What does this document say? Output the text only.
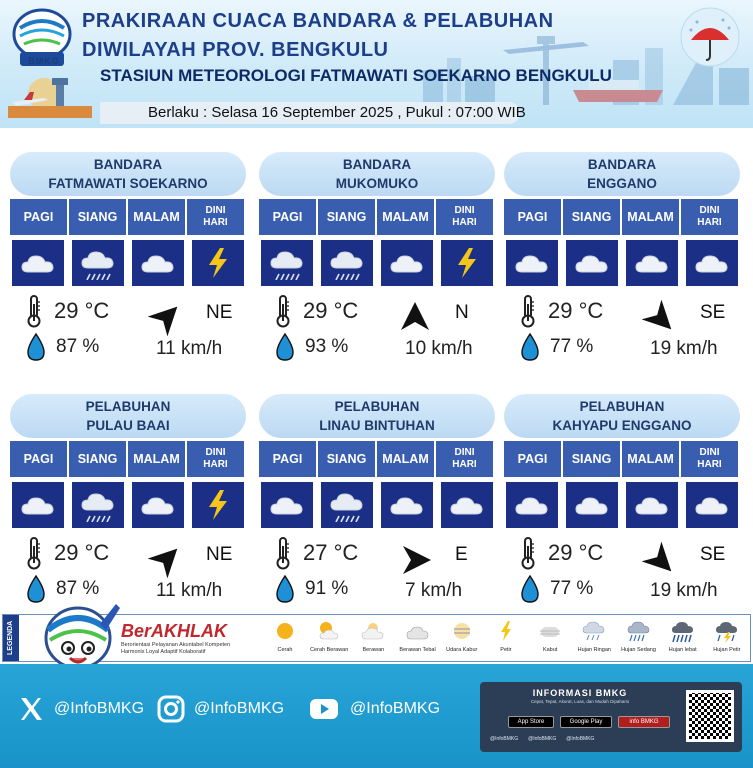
BMKG
PRAKIRAAN CUACA BANDARA & PELABUHAN
DIWILAYAH PROV. BENGKULU
STASIUN METEOROLOGI FATMAWATI SOEKARNO BENGKULU
Berlaku : Selasa 16 September 2025 , Pukul : 07:00 WIB
BANDARA
FATMAWATI SOEKARNO
PAGI SIANG MALAM	DINI
HARI
29 °C
87 %
NE
11 km/h
BANDARA
MUKOMUKO
PAGI SIANG MALAM	DINI
HARI
29 °C
93 %
N
10 km/h
BANDARA
ENGGANO
PAGI SIANG MALAM	DINI
HARI
29 °C
77 %
SE
19 km/h
PELABUHAN
PULAU BAAI
PAGI SIANG MALAM	DINI
HARI
29 °C
87 %
NE
11 km/h
PELABUHAN
LINAU BINTUHAN
PAGI SIANG MALAM	DINI
HARI
27 °C
91 %
E
7 km/h
PELABUHAN
KAHYAPU ENGGANO
PAGI SIANG MALAM	DINI
HARI
29 °C
77 %
SE
19 km/h
LEGENDA	BerAKHLAK
Berorientasi Pelayanan Akuntabel Kompeten
Harmonis Loyal Adaptif Kolaboratif	Cerah	Cerah Berawan	Berawan	Berawan Tebal Udara Kabur	Petir	Kabut	Hujan Ringan Hujan Sedang Hujan lebat	Hujan Petir
@InfoBMKG	@InfoBMKG	@InfoBMKG
INFORMASI BMKG
Cepat, Tepat, Akurat, Luas, dan Mudah Dipahami
App Store	Google Play	info BMKG
@InfoBMKG @InfoBMKG @InfoBMKG
